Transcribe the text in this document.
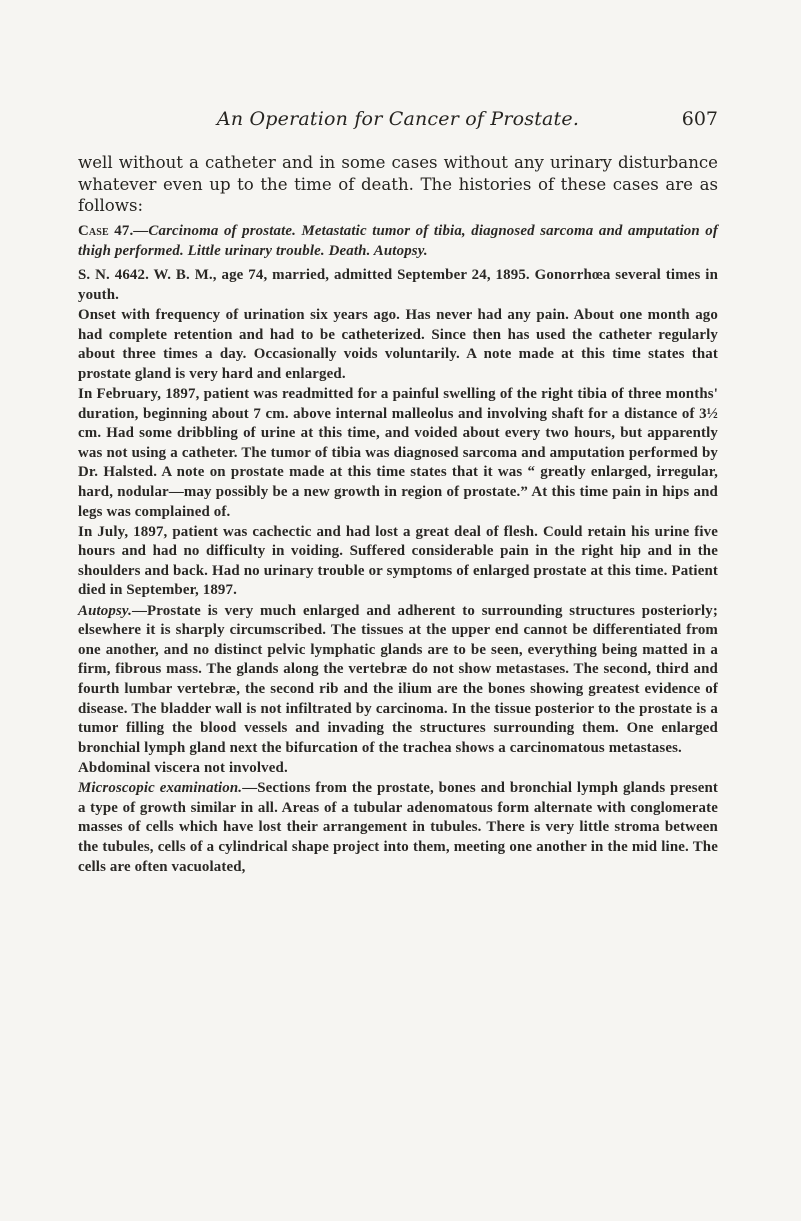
An Operation for Cancer of Prostate.	607

well without a catheter and in some cases without any urinary disturbance whatever even up to the time of death. The histories of these cases are as follows:

Case 47.—Carcinoma of prostate. Metastatic tumor of tibia, diagnosed sarcoma and amputation of thigh performed. Little urinary trouble. Death. Autopsy.

S. N. 4642. W. B. M., age 74, married, admitted September 24, 1895. Gonorrhœa several times in youth.

Onset with frequency of urination six years ago. Has never had any pain. About one month ago had complete retention and had to be catheterized. Since then has used the catheter regularly about three times a day. Occasionally voids voluntarily. A note made at this time states that prostate gland is very hard and enlarged.

In February, 1897, patient was readmitted for a painful swelling of the right tibia of three months' duration, beginning about 7 cm. above internal malleolus and involving shaft for a distance of 3½ cm. Had some dribbling of urine at this time, and voided about every two hours, but apparently was not using a catheter. The tumor of tibia was diagnosed sarcoma and amputation performed by Dr. Halsted. A note on prostate made at this time states that it was “ greatly enlarged, irregular, hard, nodular—may possibly be a new growth in region of prostate.” At this time pain in hips and legs was complained of.

In July, 1897, patient was cachectic and had lost a great deal of flesh. Could retain his urine five hours and had no difficulty in voiding. Suffered considerable pain in the right hip and in the shoulders and back. Had no urinary trouble or symptoms of enlarged prostate at this time. Patient died in September, 1897.

Autopsy.—Prostate is very much enlarged and adherent to surrounding structures posteriorly; elsewhere it is sharply circumscribed. The tissues at the upper end cannot be differentiated from one another, and no distinct pelvic lymphatic glands are to be seen, everything being matted in a firm, fibrous mass. The glands along the vertebræ do not show metastases. The second, third and fourth lumbar vertebræ, the second rib and the ilium are the bones showing greatest evidence of disease. The bladder wall is not infiltrated by carcinoma. In the tissue posterior to the prostate is a tumor filling the blood vessels and invading the structures surrounding them. One enlarged bronchial lymph gland next the bifurcation of the trachea shows a carcinomatous metastases.

Abdominal viscera not involved.

Microscopic examination.—Sections from the prostate, bones and bronchial lymph glands present a type of growth similar in all. Areas of a tubular adenomatous form alternate with conglomerate masses of cells which have lost their arrangement in tubules. There is very little stroma between the tubules, cells of a cylindrical shape project into them, meeting one another in the mid line. The cells are often vacuolated,
